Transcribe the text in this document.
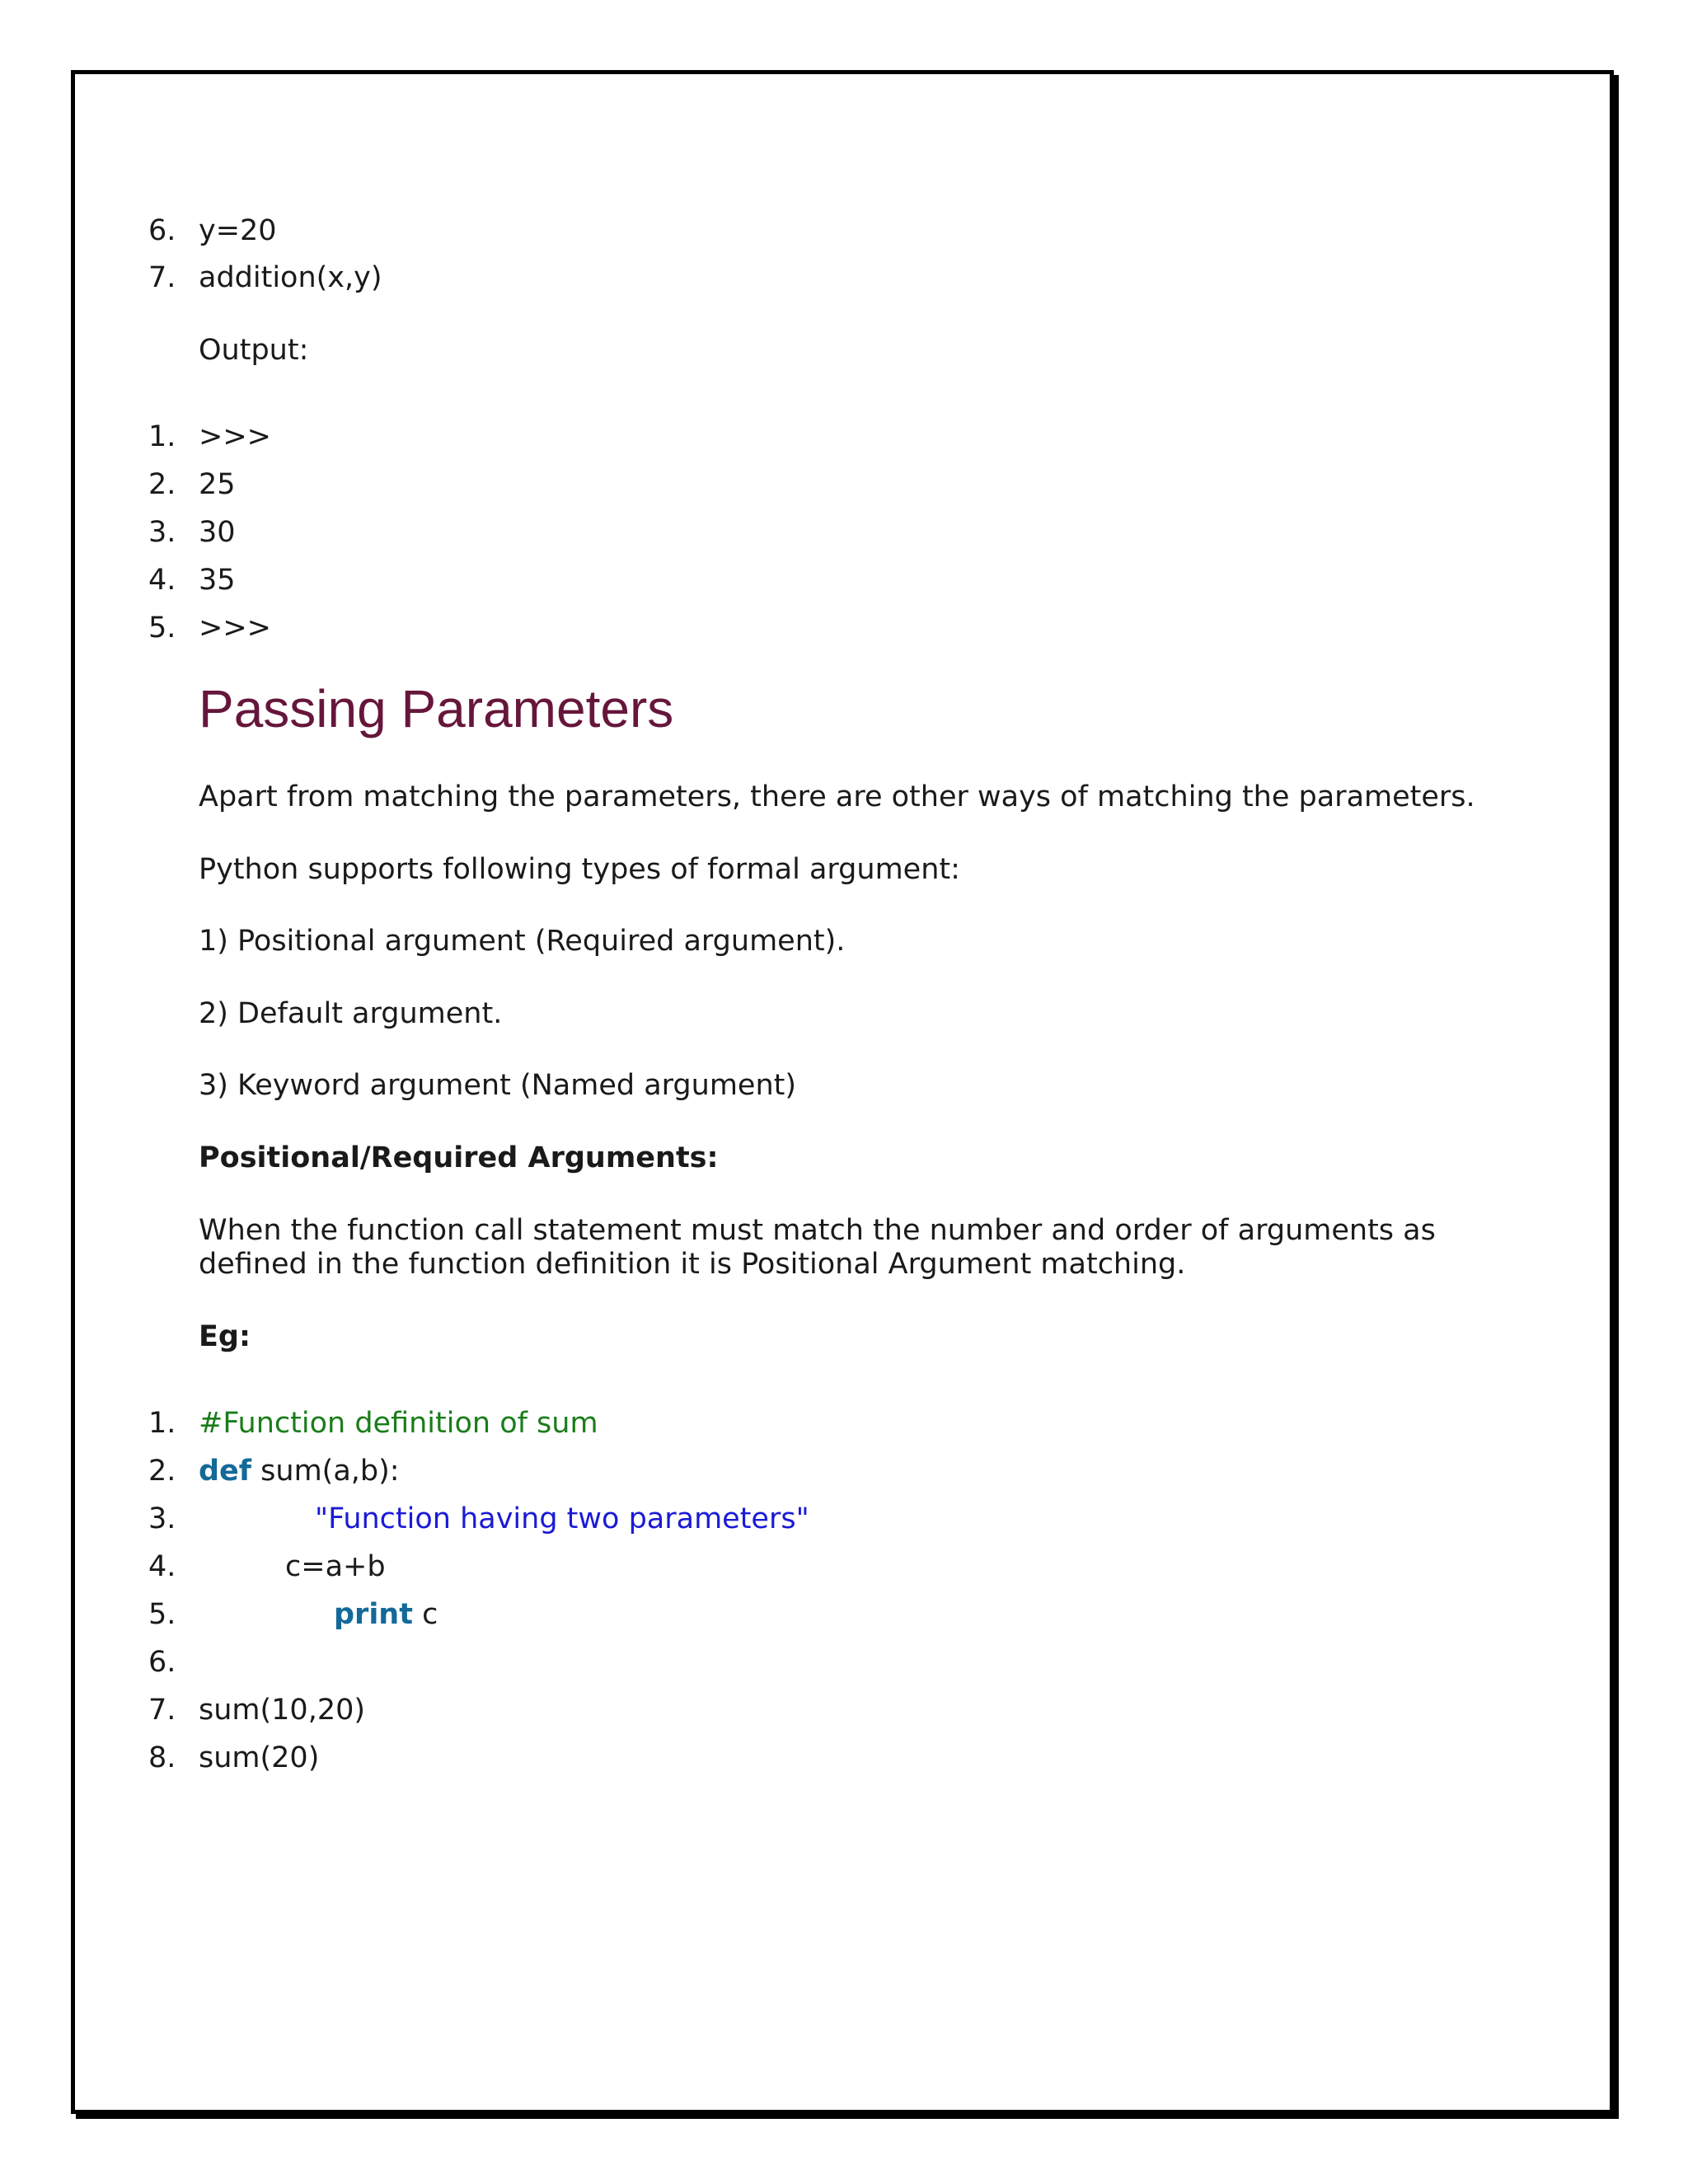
6. y=20
7. addition(x,y)
Output:
1. >>>
2. 25
3. 30
4. 35
5. >>>
Passing Parameters
Apart from matching the parameters, there are other ways of matching the parameters.
Python supports following types of formal argument:
1) Positional argument (Required argument).
2) Default argument.
3) Keyword argument (Named argument)
Positional/Required Arguments:
When the function call statement must match the number and order of arguments as defined in the function definition it is Positional Argument matching.
Eg:
1. #Function definition of sum
2. def sum(a,b):
3.	"Function having two parameters"
4.	c=a+b
5.	print c
6.
7. sum(10,20)
8. sum(20)
